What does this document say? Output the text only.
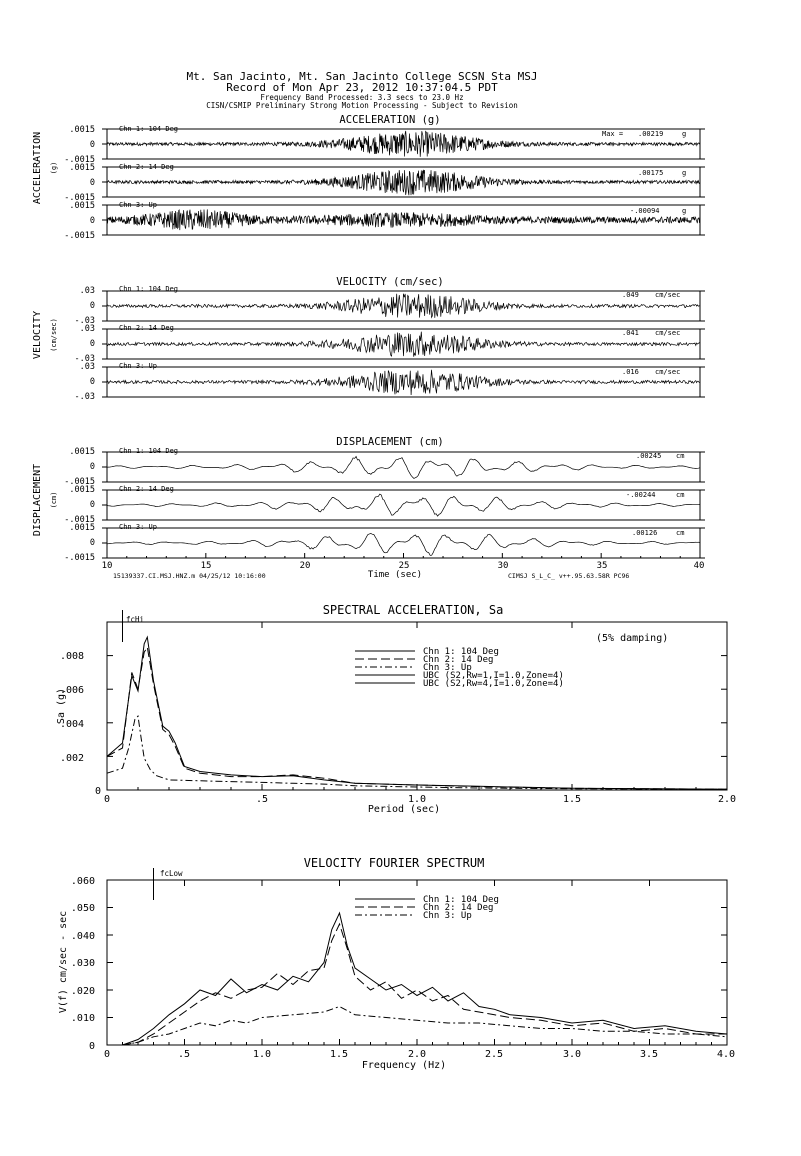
Mt. San Jacinto, Mt. San Jacinto College SCSN Sta MSJ
Record of Mon Apr 23, 2012 10:37:04.5 PDT
Frequency Band Processed: 3.3 secs to 23.0 Hz
CISN/CSMIP Preliminary Strong Motion Processing - Subject to Revision
ACCELERATION (g)
ACCELERATION (g)
Chn 1: 104 Deg
.0015
0
-.0015
Max = .00219	g
Chn 2: 14 Deg
.0015
0
-.0015
.00175	g
Chn 3: Up
.0015
0
-.0015
-.00094	g
VELOCITY (cm/sec)
VELOCITY (cm/sec)
Chn 1: 104 Deg
.03
0
-.03
.049 cm/sec
Chn 2: 14 Deg
.03
0
-.03
.041 cm/sec
Chn 3: Up
.03
0
-.03
.016 cm/sec
DISPLACEMENT (cm)
DISPLACEMENT (cm)
Chn 1: 104 Deg
.0015
0
-.0015
.00245 cm
Chn 2: 14 Deg
.0015
0
-.0015
-.00244	cm
Chn 3: Up
.0015
0
-.0015
.00126	cm
10	15	20	25	30	35	40
Time (sec)
15139337.CI.MSJ.HNZ.m 04/25/12 10:16:00	CIMSJ S_L_C_ v++.95.63.58R PC96
SPECTRAL ACCELERATION, Sa
(5% damping)
fcHi
.008
.006
.004
.002
0
0	.5	1.0	1.5	2.0
Period (sec)
Sa (g)
Chn 1: 104 Deg
Chn 2: 14 Deg
Chn 3: Up
UBC (S2,Rw=1,I=1.0,Zone=4)
UBC (S2,Rw=4,I=1.0,Zone=4)
VELOCITY FOURIER SPECTRUM
fcLow
.060
.050
.040
.030
.020
.010
0
0	.5	1.0	1.5	2.0	2.5	3.0	3.5	4.0
Frequency (Hz)
V(f) cm/sec - sec
Chn 1: 104 Deg
Chn 2: 14 Deg
Chn 3: Up
